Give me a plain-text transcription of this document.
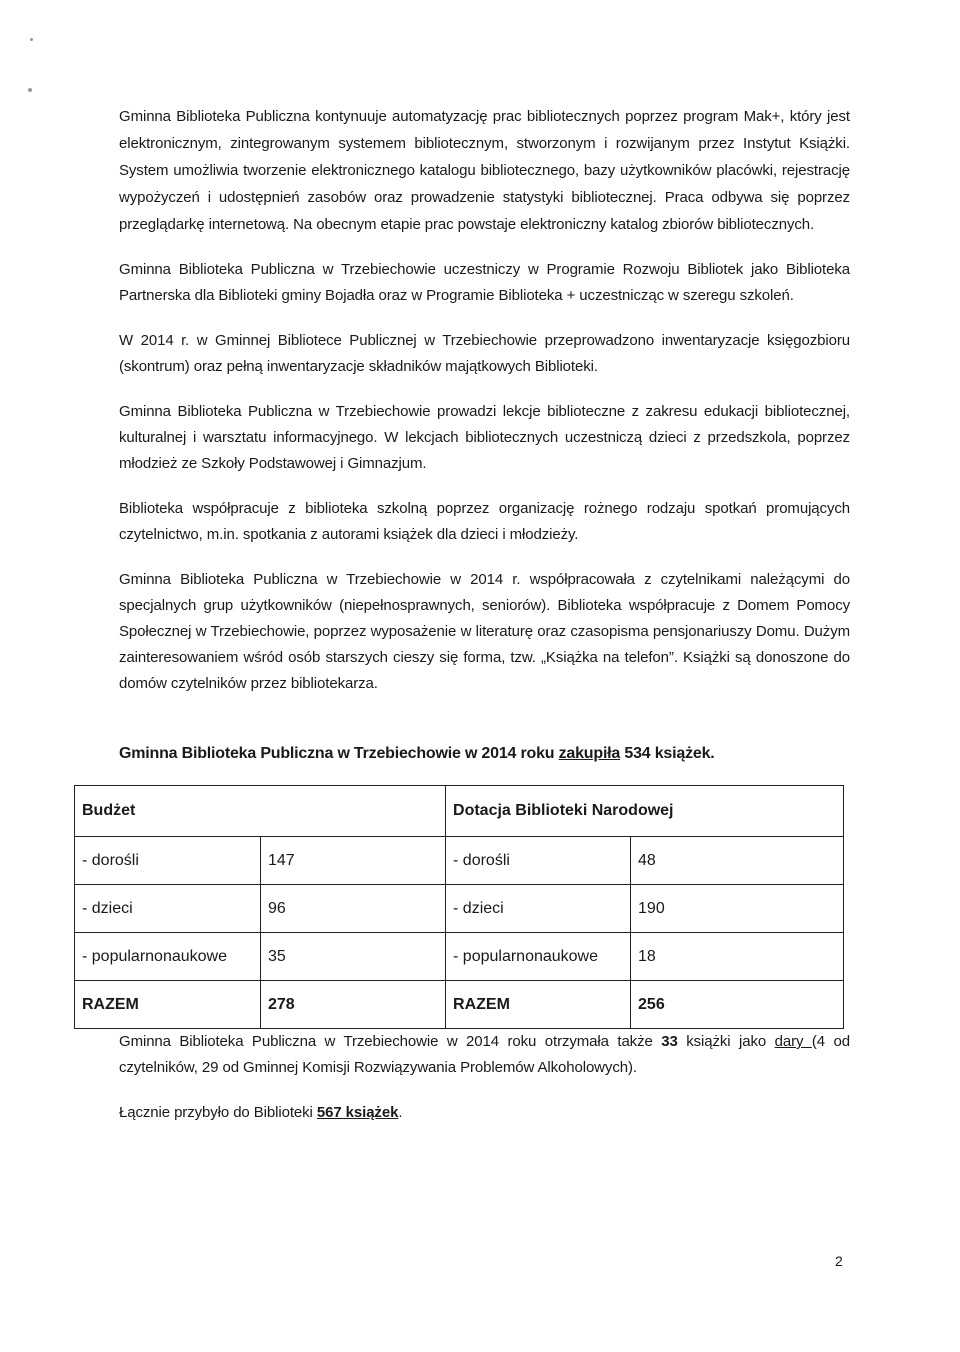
Gminna Biblioteka Publiczna kontynuuje automatyzację prac bibliotecznych poprzez program Mak+, który jest elektronicznym, zintegrowanym systemem bibliotecznym, stworzonym i rozwijanym przez Instytut Książki. System umożliwia tworzenie elektronicznego katalogu bibliotecznego, bazy użytkowników placówki, rejestrację wypożyczeń i udostępnień zasobów oraz prowadzenie statystyki bibliotecznej. Praca odbywa się poprzez przeglądarkę internetową. Na obecnym etapie prac powstaje elektroniczny katalog zbiorów bibliotecznych.

Gminna Biblioteka Publiczna w Trzebiechowie uczestniczy w Programie Rozwoju Bibliotek jako Biblioteka Partnerska dla Biblioteki gminy Bojadła oraz w Programie Biblioteka + uczestnicząc w szeregu szkoleń.

W 2014 r. w Gminnej Bibliotece Publicznej w Trzebiechowie przeprowadzono inwentaryzacje księgozbioru (skontrum) oraz pełną inwentaryzacje składników majątkowych Biblioteki.

Gminna Biblioteka Publiczna w Trzebiechowie prowadzi lekcje biblioteczne z zakresu edukacji bibliotecznej, kulturalnej i warsztatu informacyjnego. W lekcjach bibliotecznych uczestniczą dzieci z przedszkola, poprzez młodzież ze Szkoły Podstawowej i Gimnazjum.

Biblioteka współpracuje z biblioteka szkolną poprzez organizację rożnego rodzaju spotkań promujących czytelnictwo, m.in. spotkania z autorami książek dla dzieci i młodzieży.

Gminna Biblioteka Publiczna w Trzebiechowie w 2014 r. współpracowała z czytelnikami należącymi do specjalnych grup użytkowników (niepełnosprawnych, seniorów). Biblioteka współpracuje z Domem Pomocy Społecznej w Trzebiechowie, poprzez wyposażenie w literaturę oraz czasopisma pensjonariuszy Domu. Dużym zainteresowaniem wśród osób starszych cieszy się forma, tzw. „Książka na telefon”. Książki są donoszone do domów czytelników przez bibliotekarza.

Gminna Biblioteka Publiczna w Trzebiechowie w 2014 roku zakupiła 534 książek.
Budżet		Dotacja Biblioteki Narodowej	
- dorośli	147	- dorośli	48
- dzieci	96	- dzieci	190
- popularnonaukowe	35	- popularnonaukowe	18
RAZEM	278	RAZEM	256

Gminna Biblioteka Publiczna w Trzebiechowie w 2014 roku otrzymała także 33 książki jako dary (4 od czytelników, 29 od Gminnej Komisji Rozwiązywania Problemów Alkoholowych).

Łącznie przybyło do Biblioteki 567 książek.

2
